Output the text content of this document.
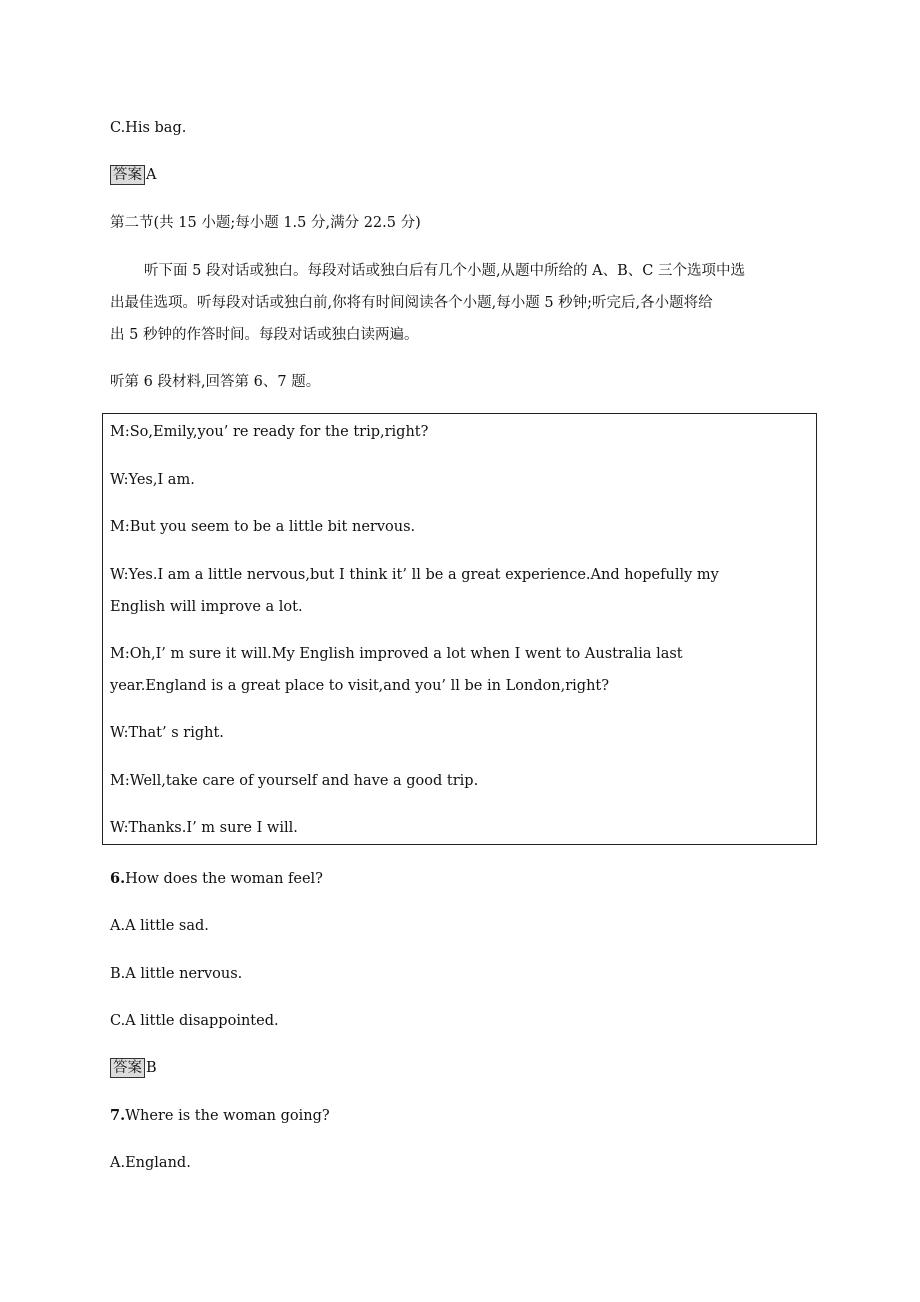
C.His bag.
答案 A
第二节(共 15 小题;每小题 1.5 分,满分 22.5 分)
听下面 5 段对话或独白。每段对话或独白后有几个小题,从题中所给的 A、B、C 三个选项中选
出最佳选项。听每段对话或独白前,你将有时间阅读各个小题,每小题 5 秒钟;听完后,各小题将给
出 5 秒钟的作答时间。每段对话或独白读两遍。
听第 6 段材料,回答第 6、7 题。
M:So,Emily,you’ re ready for the trip,right?
W:Yes,I am.
M:But you seem to be a little bit nervous.
W:Yes.I am a little nervous,but I think it’ ll be a great experience.And hopefully my
English will improve a lot.
M:Oh,I’ m sure it will.My English improved a lot when I went to Australia last
year.England is a great place to visit,and you’ ll be in London,right?
W:That’ s right.
M:Well,take care of yourself and have a good trip.
W:Thanks.I’ m sure I will.
6.How does the woman feel?
A.A little sad.
B.A little nervous.
C.A little disappointed.
答案 B
7.Where is the woman going?
A.England.
